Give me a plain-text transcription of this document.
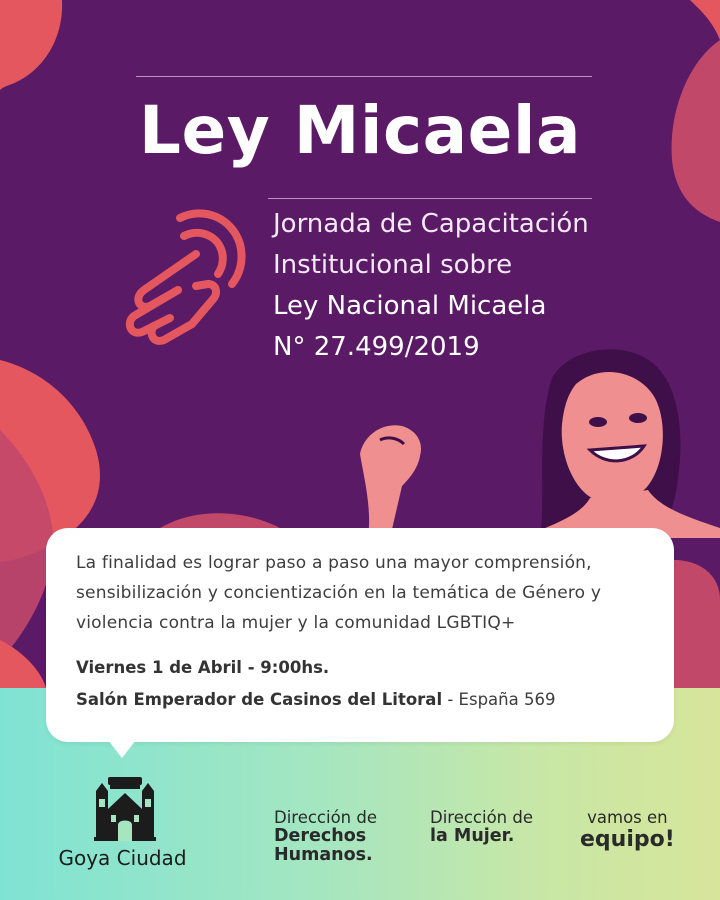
Ley Micaela
Jornada de Capacitación
Institucional sobre
Ley Nacional Micaela
N° 27.499/2019

La finalidad es lograr paso a paso una mayor comprensión,

sensibilización y concientización en la temática de Género y

violencia contra la mujer y la comunidad LGBTIQ+

Viernes 1 de Abril - 9:00hs.
Salón Emperador de Casinos del Litoral - España 569
Goya Ciudad
Dirección de
Derechos
Humanos.
Dirección de
la Mujer.
vamos en
equipo!
